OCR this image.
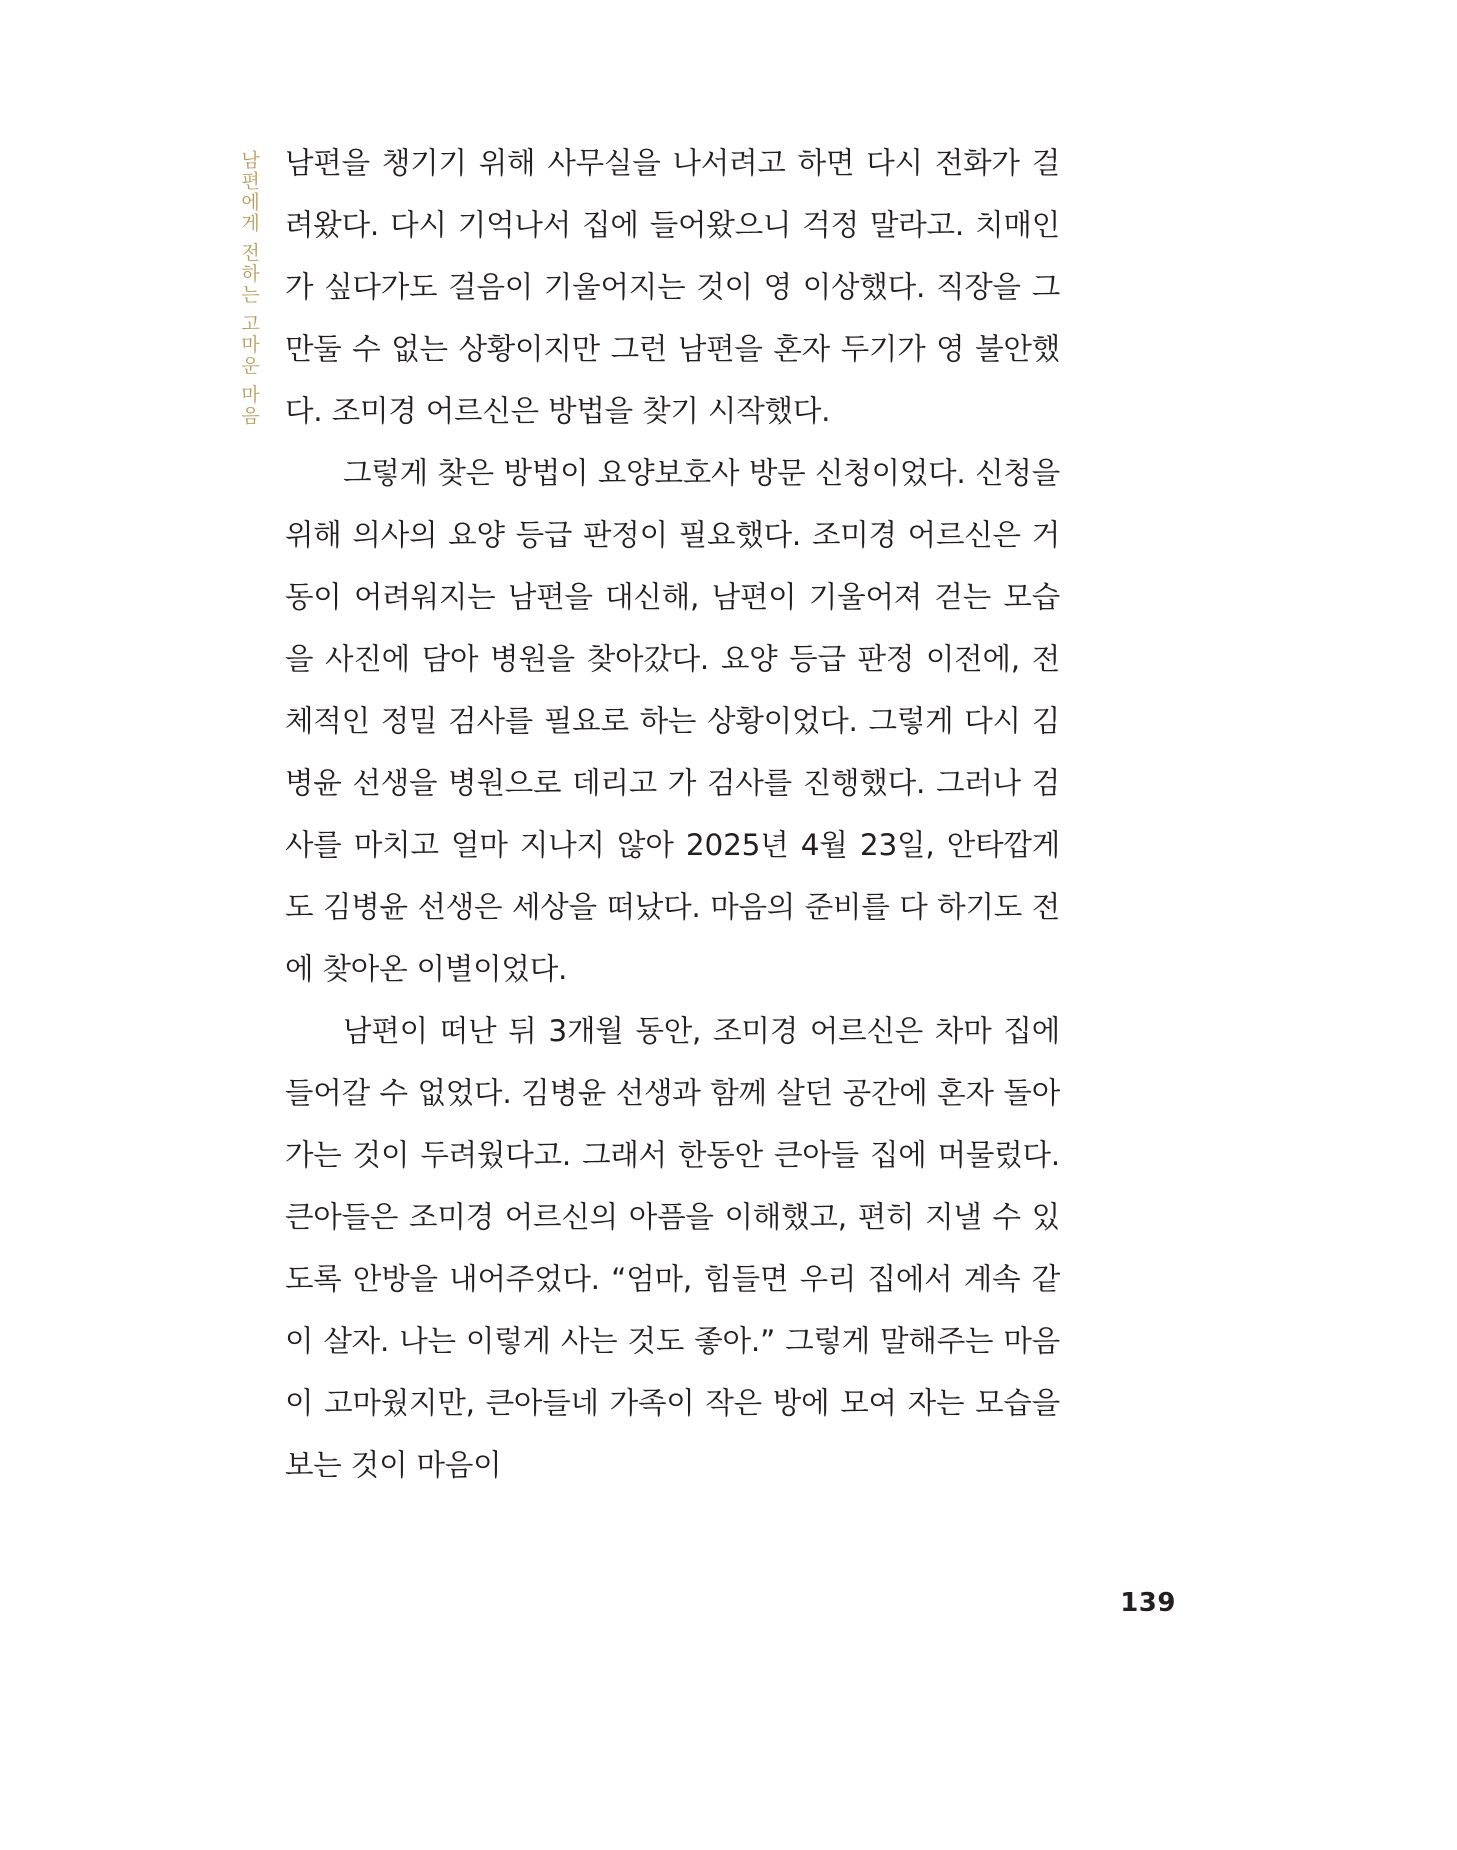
남편에게 전하는 고마운 마음 남편을 챙기기 위해 사무실을 나서려고 하면 다시 전화가 걸려왔다. 다시 기억나서 집에 들어왔으니 걱정 말라고. 치매인가 싶다가도 걸음이 기울어지는 것이 영 이상했다. 직장을 그만둘 수 없는 상황이지만 그런 남편을 혼자 두기가 영 불안했다. 조미경 어르신은 방법을 찾기 시작했다.

그렇게 찾은 방법이 요양보호사 방문 신청이었다. 신청을 위해 의사의 요양 등급 판정이 필요했다. 조미경 어르신은 거동이 어려워지는 남편을 대신해, 남편이 기울어져 걷는 모습을 사진에 담아 병원을 찾아갔다. 요양 등급 판정 이전에, 전체적인 정밀 검사를 필요로 하는 상황이었다. 그렇게 다시 김병윤 선생을 병원으로 데리고 가 검사를 진행했다. 그러나 검사를 마치고 얼마 지나지 않아 2025년 4월 23일, 안타깝게도 김병윤 선생은 세상을 떠났다. 마음의 준비를 다 하기도 전에 찾아온 이별이었다.

남편이 떠난 뒤 3개월 동안, 조미경 어르신은 차마 집에 들어갈 수 없었다. 김병윤 선생과 함께 살던 공간에 혼자 돌아가는 것이 두려웠다고. 그래서 한동안 큰아들 집에 머물렀다. 큰아들은 조미경 어르신의 아픔을 이해했고, 편히 지낼 수 있도록 안방을 내어주었다. “엄마, 힘들면 우리 집에서 계속 같이 살자. 나는 이렇게 사는 것도 좋아.” 그렇게 말해주는 마음이 고마웠지만, 큰아들네 가족이 작은 방에 모여 자는 모습을 보는 것이 마음이

139
